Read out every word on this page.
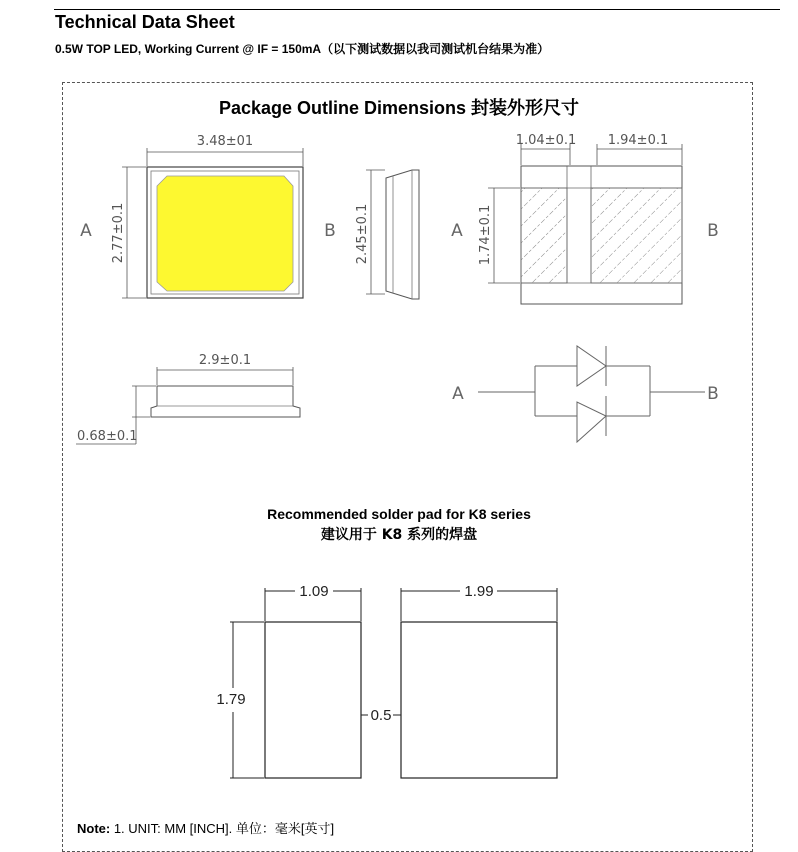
Technical Data Sheet
0.5W TOP LED, Working Current @ IF = 150mA（以下测试数据以我司测试机台结果为准）
Package Outline Dimensions 封装外形尺寸
3.48±01
2.77±0.1
A	B 2.45±0.1
1.04±0.1 1.94±0.1
1.74±0.1
A	B
2.9±0.1
0.68±0.1
A	B
1.09	1.99
1.79
0.5
Recommended solder pad for K8 series
建议用于 K8 系列的焊盘
Note: 1. UNIT: MM [INCH]. 单位：毫米[英寸]
